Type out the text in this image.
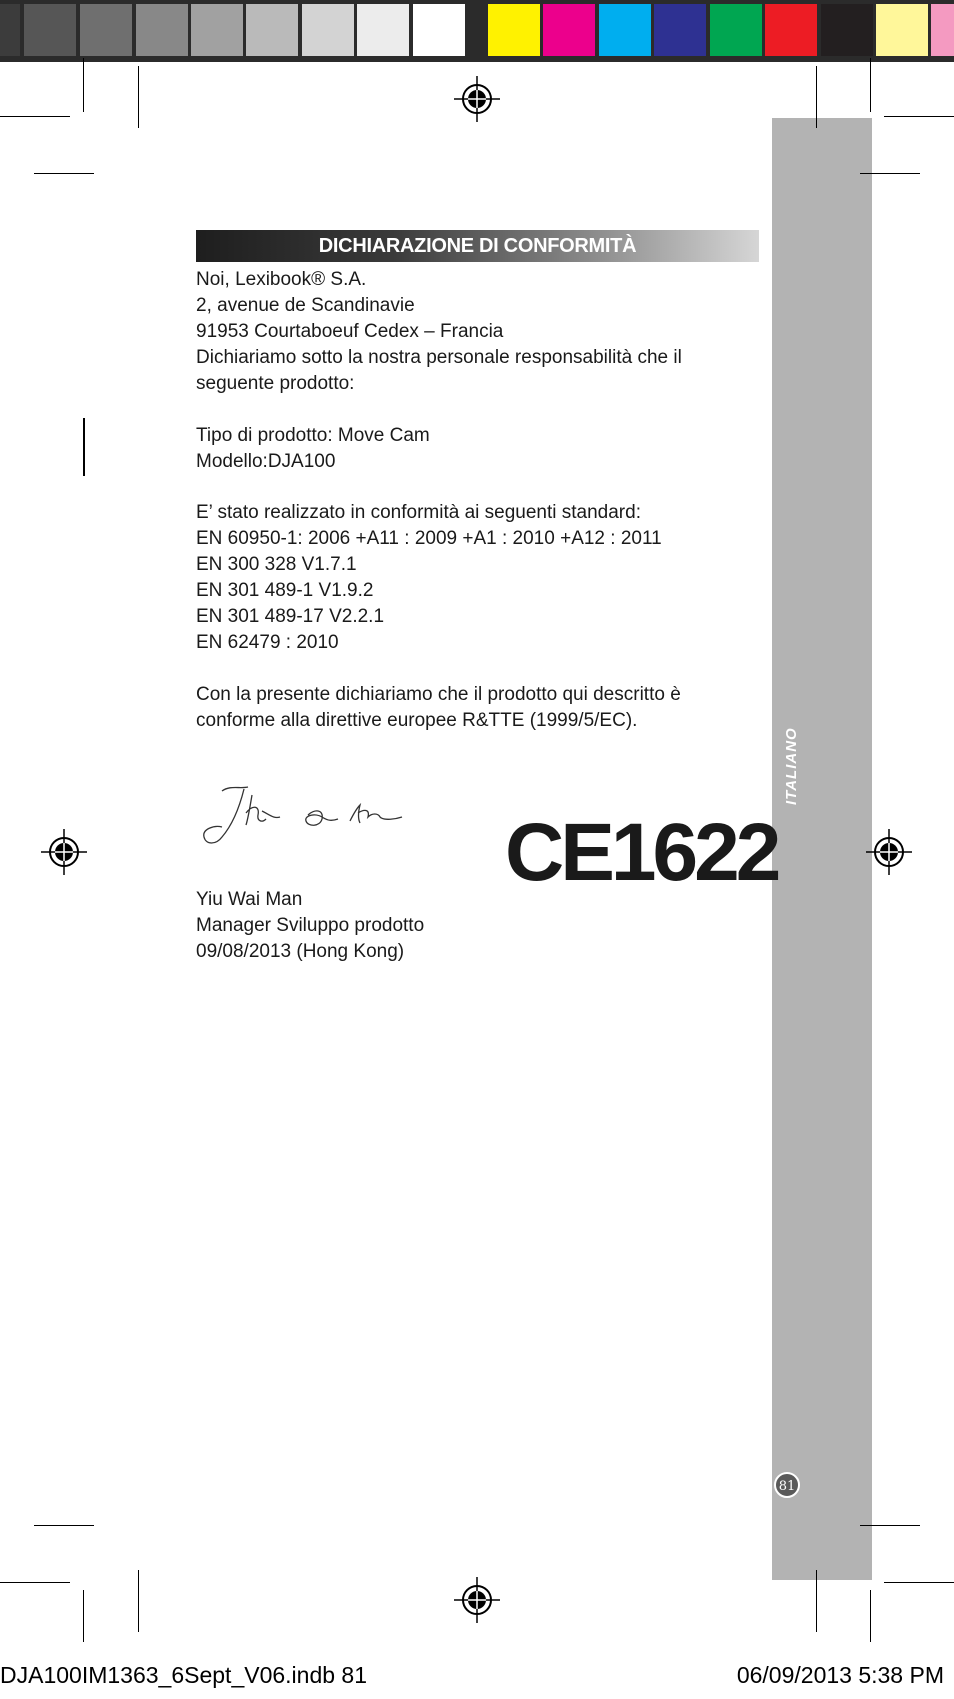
ITALIANO
81
DICHIARAZIONE DI CONFORMITÀ
Noi, Lexibook® S.A.
2, avenue de Scandinavie
91953 Courtaboeuf Cedex – Francia
Dichiariamo sotto la nostra personale responsabilità che il
seguente prodotto:
Tipo di prodotto: Move Cam
Modello:DJA100
E’ stato realizzato in conformità ai seguenti standard:
EN 60950-1: 2006 +A11 : 2009 +A1 : 2010 +A12 : 2011
EN 300 328 V1.7.1
EN 301 489-1 V1.9.2
EN 301 489-17 V2.2.1
EN 62479 : 2010
Con la presente dichiariamo che il prodotto qui descritto è
conforme alla direttive europee R&TTE (1999/5/EC).
CE1622
Yiu Wai Man
Manager Sviluppo prodotto
09/08/2013 (Hong Kong)
DJA100IM1363_6Sept_V06.indb 81	06/09/2013 5:38 PM
